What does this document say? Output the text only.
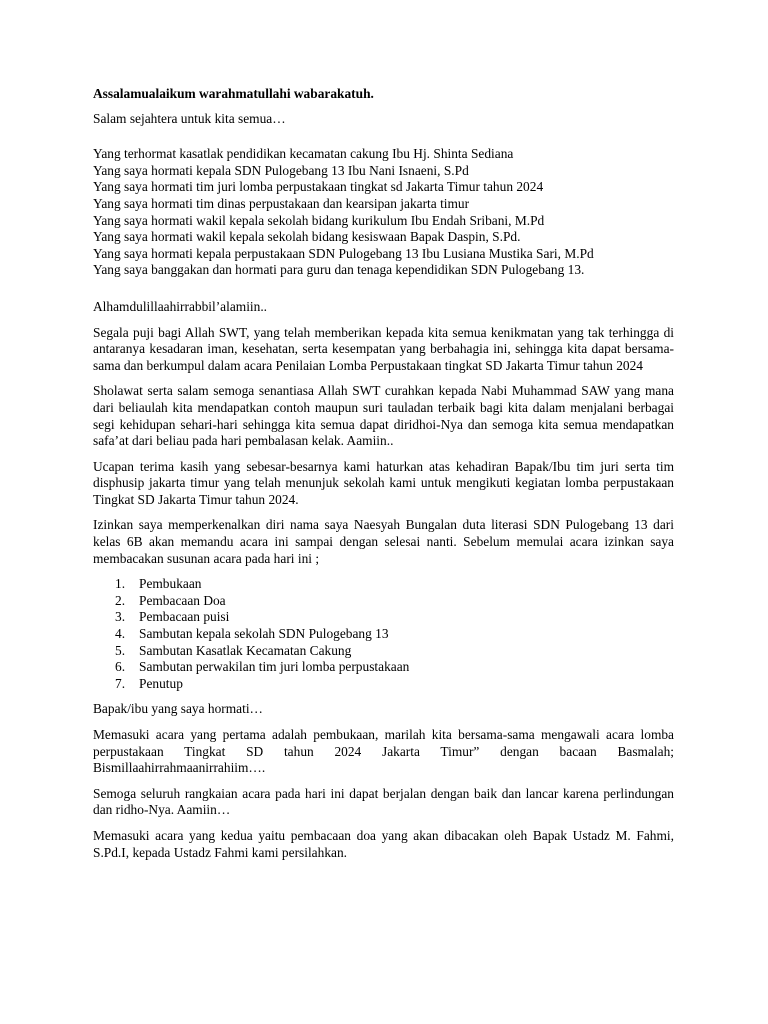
Assalamualaikum warahmatullahi wabarakatuh.

Salam sejahtera untuk kita semua…

Yang terhormat kasatlak pendidikan kecamatan cakung Ibu Hj. Shinta Sediana

Yang saya hormati kepala SDN Pulogebang 13 Ibu Nani Isnaeni, S.Pd

Yang saya hormati tim juri lomba perpustakaan tingkat sd Jakarta Timur tahun 2024

Yang saya hormati tim dinas perpustakaan dan kearsipan jakarta timur

Yang saya hormati wakil kepala sekolah bidang kurikulum Ibu Endah Sribani, M.Pd

Yang saya hormati wakil kepala sekolah bidang kesiswaan Bapak Daspin, S.Pd.

Yang saya hormati kepala perpustakaan SDN Pulogebang 13 Ibu Lusiana Mustika Sari, M.Pd

Yang saya banggakan dan hormati para guru dan tenaga kependidikan SDN Pulogebang 13.

Alhamdulillaahirrabbil’alamiin..

Segala puji bagi Allah SWT, yang telah memberikan kepada kita semua kenikmatan yang tak terhingga di antaranya kesadaran iman, kesehatan, serta kesempatan yang berbahagia ini, sehingga kita dapat bersama-sama dan berkumpul dalam acara Penilaian Lomba Perpustakaan tingkat SD Jakarta Timur tahun 2024

Sholawat serta salam semoga senantiasa Allah SWT curahkan kepada Nabi Muhammad SAW yang mana dari beliaulah kita mendapatkan contoh maupun suri tauladan terbaik bagi kita dalam menjalani berbagai segi kehidupan sehari-hari sehingga kita semua dapat diridhoi-Nya dan semoga kita semua mendapatkan safa’at dari beliau pada hari pembalasan kelak. Aamiin..

Ucapan terima kasih yang sebesar-besarnya kami haturkan atas kehadiran Bapak/Ibu tim juri serta tim disphusip jakarta timur yang telah menunjuk sekolah kami untuk mengikuti kegiatan lomba perpustakaan Tingkat SD Jakarta Timur tahun 2024.

Izinkan saya memperkenalkan diri nama saya Naesyah Bungalan duta literasi SDN Pulogebang 13 dari kelas 6B akan memandu acara ini sampai dengan selesai nanti. Sebelum memulai acara izinkan saya membacakan susunan acara pada hari ini ;

1.	Pembukaan
2.	Pembacaan Doa
3.	Pembacaan puisi
4.	Sambutan kepala sekolah SDN Pulogebang 13
5.	Sambutan Kasatlak Kecamatan Cakung
6.	Sambutan perwakilan tim juri lomba perpustakaan
7.	Penutup

Bapak/ibu yang saya hormati…

Memasuki acara yang pertama adalah pembukaan, marilah kita bersama-sama mengawali acara lomba perpustakaan Tingkat SD tahun 2024 Jakarta Timur” dengan bacaan Basmalah;
Bismillaahirrahmaanirrahiim….

Semoga seluruh rangkaian acara pada hari ini dapat berjalan dengan baik dan lancar karena perlindungan dan ridho-Nya. Aamiin…

Memasuki acara yang kedua yaitu pembacaan doa yang akan dibacakan oleh Bapak Ustadz M. Fahmi, S.Pd.I, kepada Ustadz Fahmi kami persilahkan.
